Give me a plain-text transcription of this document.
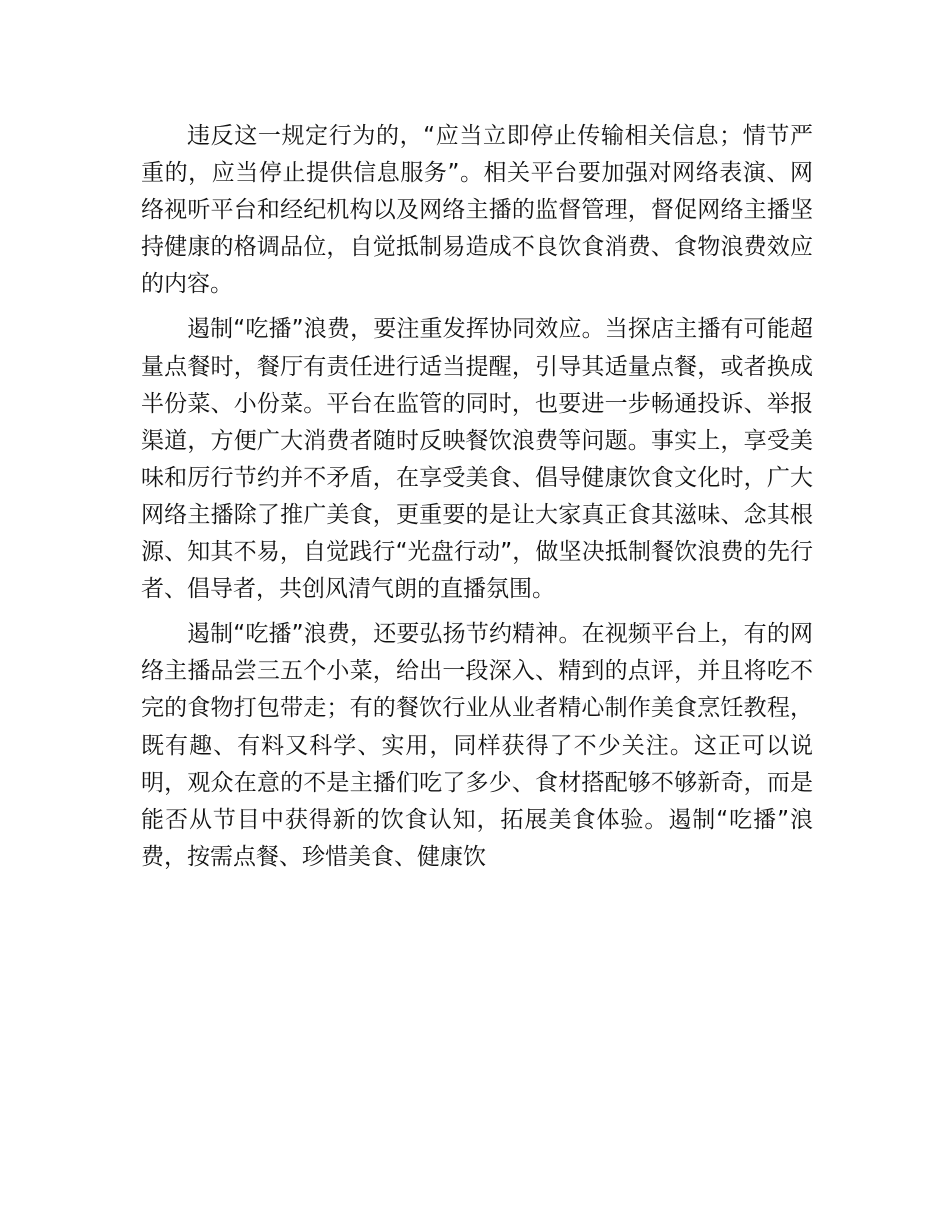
违反这一规定行为的，“应当立即停止传输相关信息；情节严重的，应当停止提供信息服务”。相关平台要加强对网络表演、网络视听平台和经纪机构以及网络主播的监督管理，督促网络主播坚持健康的格调品位，自觉抵制易造成不良饮食消费、食物浪费效应的内容。

遏制“吃播”浪费，要注重发挥协同效应。当探店主播有可能超量点餐时，餐厅有责任进行适当提醒，引导其适量点餐，或者换成半份菜、小份菜。平台在监管的同时，也要进一步畅通投诉、举报渠道，方便广大消费者随时反映餐饮浪费等问题。事实上，享受美味和厉行节约并不矛盾，在享受美食、倡导健康饮食文化时，广大网络主播除了推广美食，更重要的是让大家真正食其滋味、念其根源、知其不易，自觉践行“光盘行动”，做坚决抵制餐饮浪费的先行者、倡导者，共创风清气朗的直播氛围。

遏制“吃播”浪费，还要弘扬节约精神。在视频平台上，有的网络主播品尝三五个小菜，给出一段深入、精到的点评，并且将吃不完的食物打包带走；有的餐饮行业从业者精心制作美食烹饪教程，既有趣、有料又科学、实用，同样获得了不少关注。这正可以说明，观众在意的不是主播们吃了多少、食材搭配够不够新奇，而是能否从节目中获得新的饮食认知，拓展美食体验。遏制“吃播”浪费，按需点餐、珍惜美食、健康饮
